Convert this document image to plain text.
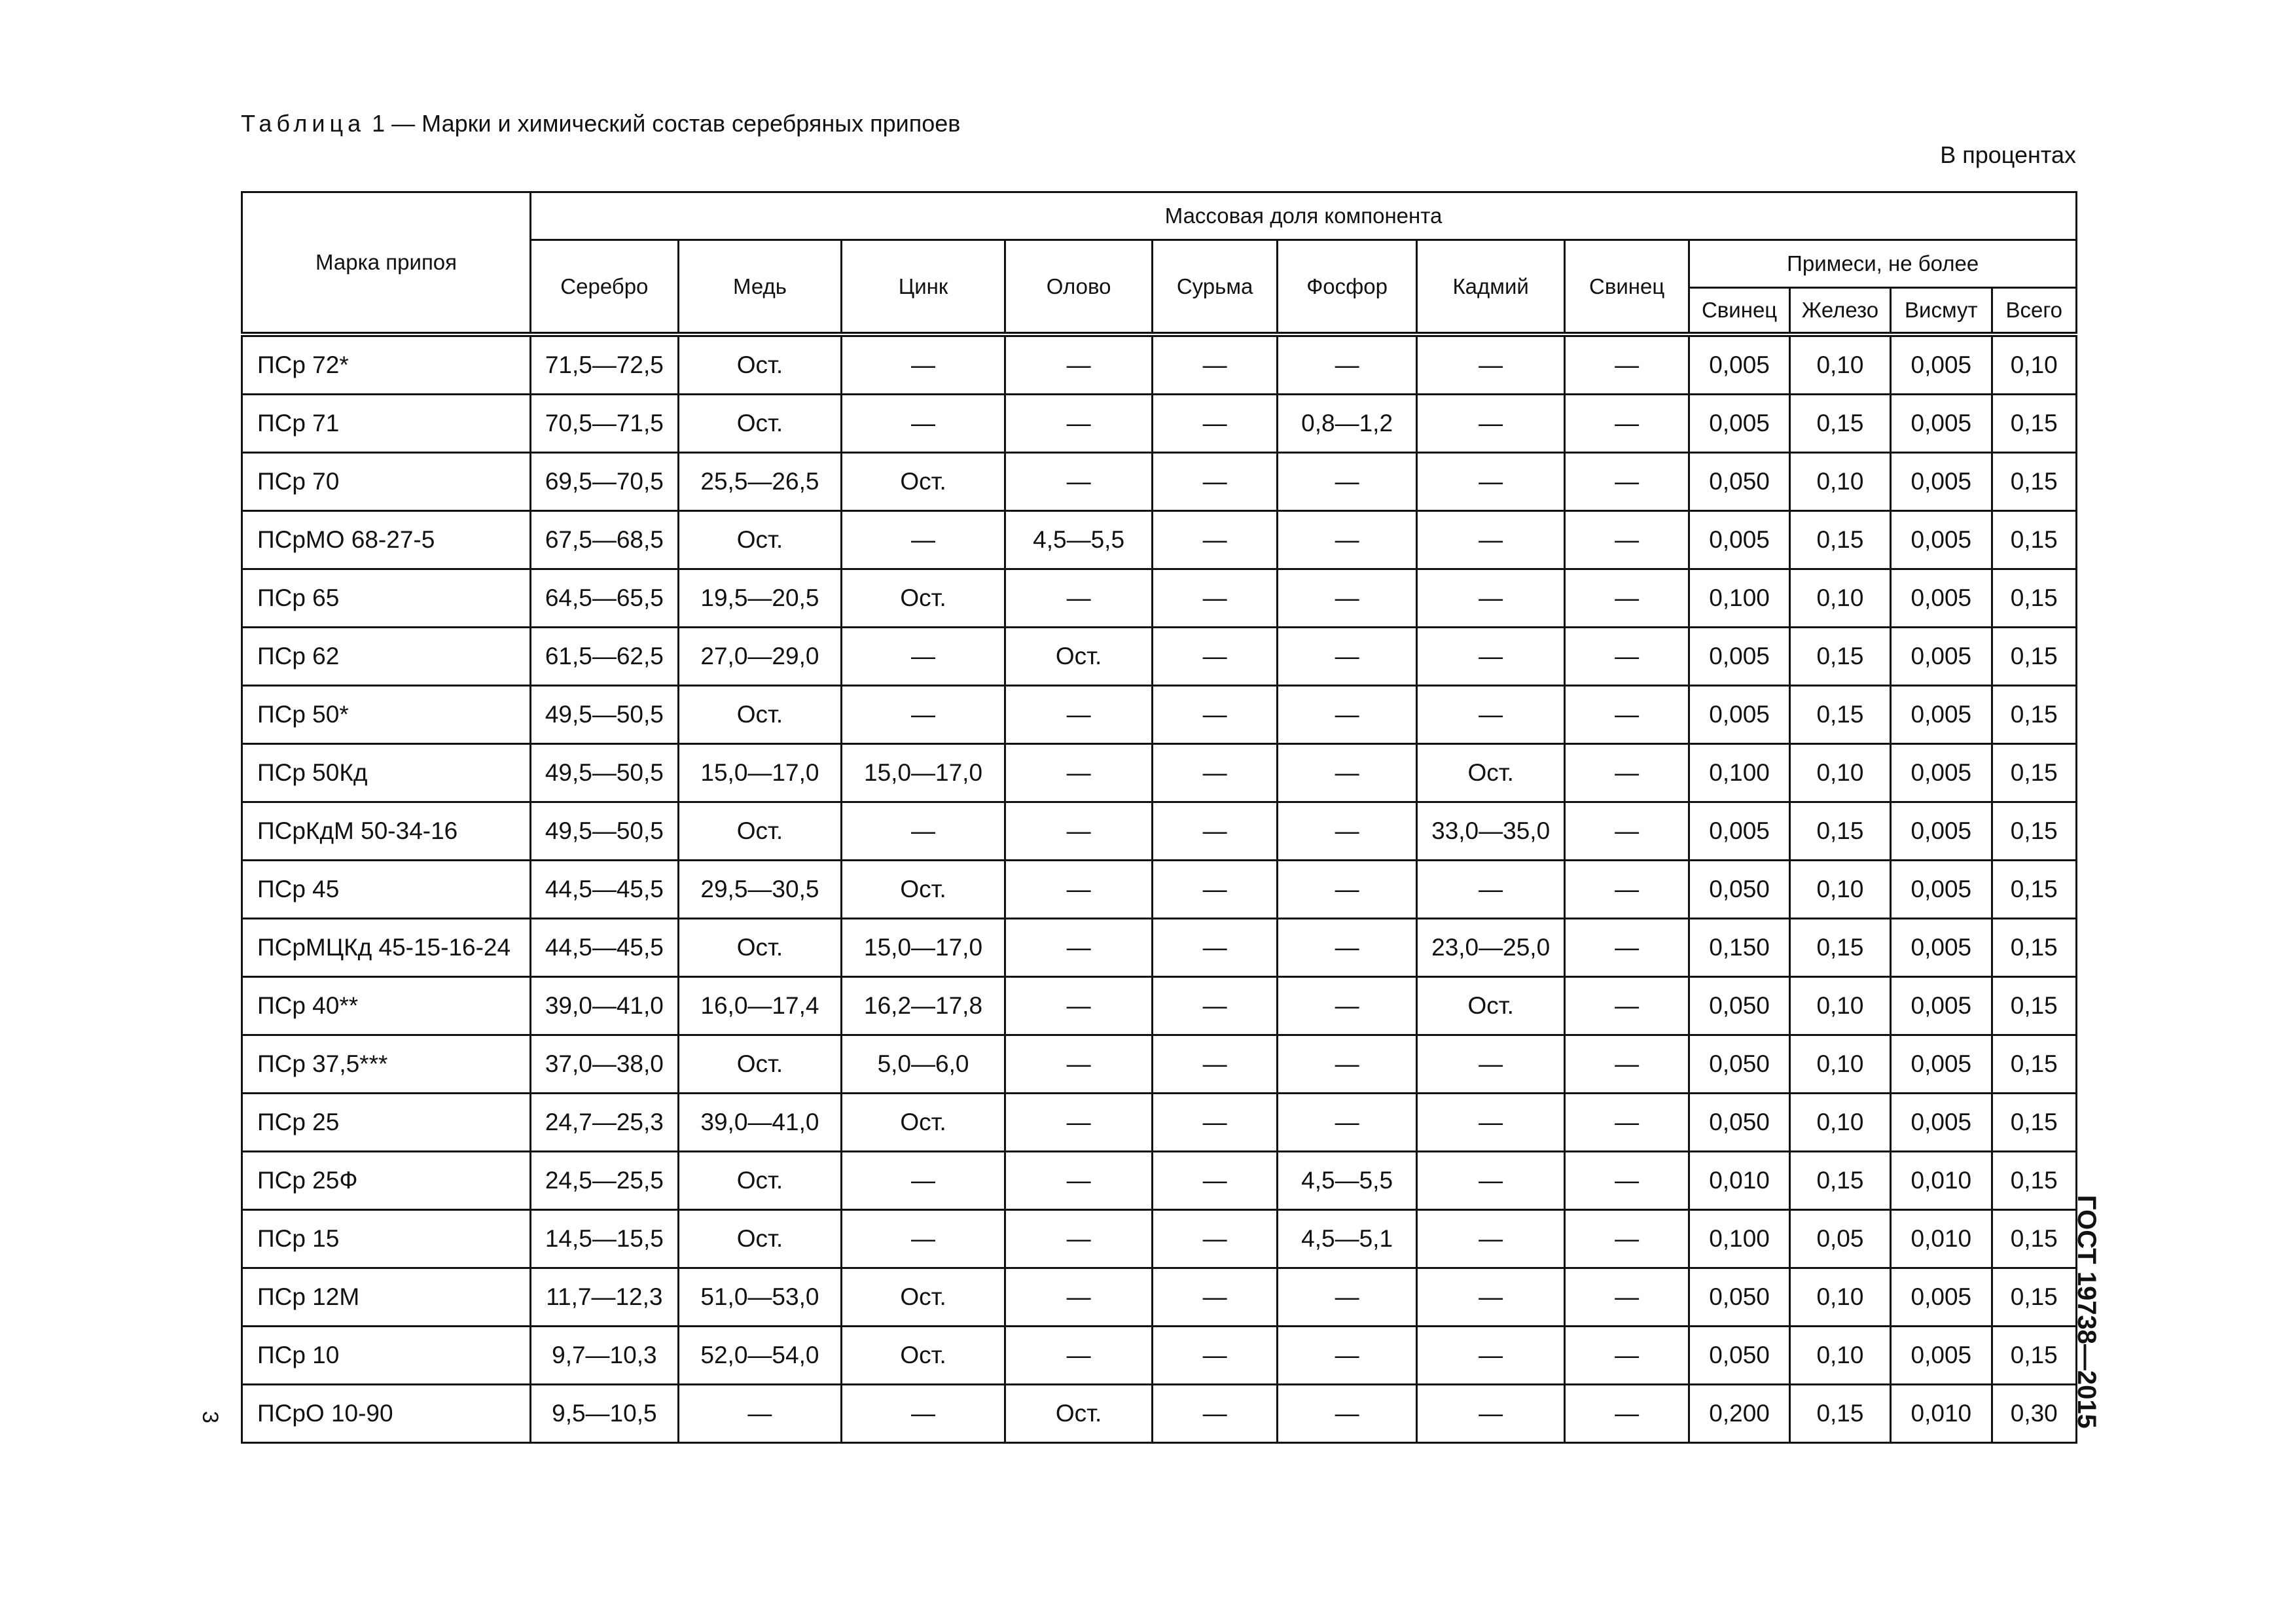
Таблица 1 — Марки и химический состав серебряных припоев
В процентах
Марка припоя	Массовая доля компонента											
	Серебро	Медь	Цинк	Олово	Сурьма	Фосфор	Кадмий	Свинец	Примеси, не более			
									Свинец	Железо	Висмут	Всего
ПСр 72*	71,5—72,5	Ост.	—	—	—	—	—	—	0,005	0,10	0,005	0,10
ПСр 71	70,5—71,5	Ост.	—	—	—	0,8—1,2	—	—	0,005	0,15	0,005	0,15
ПСр 70	69,5—70,5	25,5—26,5	Ост.	—	—	—	—	—	0,050	0,10	0,005	0,15
ПСрМО 68-27-5	67,5—68,5	Ост.	—	4,5—5,5	—	—	—	—	0,005	0,15	0,005	0,15
ПСр 65	64,5—65,5	19,5—20,5	Ост.	—	—	—	—	—	0,100	0,10	0,005	0,15
ПСр 62	61,5—62,5	27,0—29,0	—	Ост.	—	—	—	—	0,005	0,15	0,005	0,15
ПСр 50*	49,5—50,5	Ост.	—	—	—	—	—	—	0,005	0,15	0,005	0,15
ПСр 50Кд	49,5—50,5	15,0—17,0	15,0—17,0	—	—	—	Ост.	—	0,100	0,10	0,005	0,15
ПСрКдМ 50-34-16	49,5—50,5	Ост.	—	—	—	—	33,0—35,0	—	0,005	0,15	0,005	0,15
ПСр 45	44,5—45,5	29,5—30,5	Ост.	—	—	—	—	—	0,050	0,10	0,005	0,15
ПСрМЦКд 45-15-16-24	44,5—45,5	Ост.	15,0—17,0	—	—	—	23,0—25,0	—	0,150	0,15	0,005	0,15
ПСр 40**	39,0—41,0	16,0—17,4	16,2—17,8	—	—	—	Ост.	—	0,050	0,10	0,005	0,15
ПСр 37,5***	37,0—38,0	Ост.	5,0—6,0	—	—	—	—	—	0,050	0,10	0,005	0,15
ПСр 25	24,7—25,3	39,0—41,0	Ост.	—	—	—	—	—	0,050	0,10	0,005	0,15
ПСр 25Ф	24,5—25,5	Ост.	—	—	—	4,5—5,5	—	—	0,010	0,15	0,010	0,15
ПСр 15	14,5—15,5	Ост.	—	—	—	4,5—5,1	—	—	0,100	0,05	0,010	0,15
ПСр 12М	11,7—12,3	51,0—53,0	Ост.	—	—	—	—	—	0,050	0,10	0,005	0,15
ПСр 10	9,7—10,3	52,0—54,0	Ост.	—	—	—	—	—	0,050	0,10	0,005	0,15
ПСрО 10-90	9,5—10,5	—	—	Ост.	—	—	—	—	0,200	0,15	0,010	0,30 ГОСТ 19738—2015
3
